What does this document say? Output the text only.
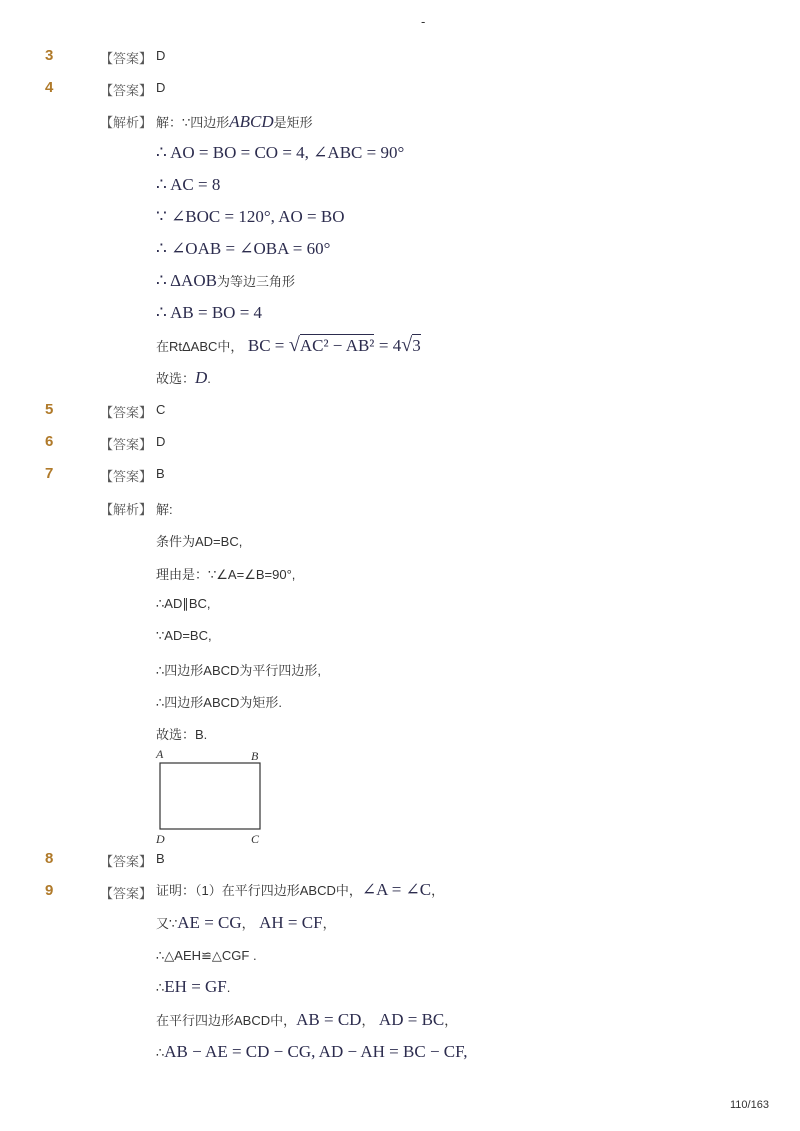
-
3	【答案】 D
4	【答案】 D
【解析】 解：∵四边形ABCD是矩形
∴ AO = BO = CO = 4, ∠ABC = 90°
∴ AC = 8
∵ ∠BOC = 120°, AO = BO
∴ ∠OAB = ∠OBA = 60°
∴ ΔAOB为等边三角形
∴ AB = BO = 4
在RtΔABC中， BC = √AC² − AB² = 4√3
故选：D.
5	【答案】 C
6	【答案】 D
7	【答案】 B
【解析】 解:
条件为AD=BC,
理由是：∵∠A=∠B=90°,
∴AD∥BC,
∵AD=BC,
∴四边形ABCD为平行四边形,
∴四边形ABCD为矩形.
故选：B.
A	B
C
D
8	【答案】 B
9	【答案】 证明：（1）在平行四边形ABCD中，∠A = ∠C，
又∵AE = CG， AH = CF，
∴△AEH≌△CGF .
∴EH = GF.
在平行四边形ABCD中，AB = CD， AD = BC，
∴AB − AE = CD − CG, AD − AH = BC − CF,
110/163
